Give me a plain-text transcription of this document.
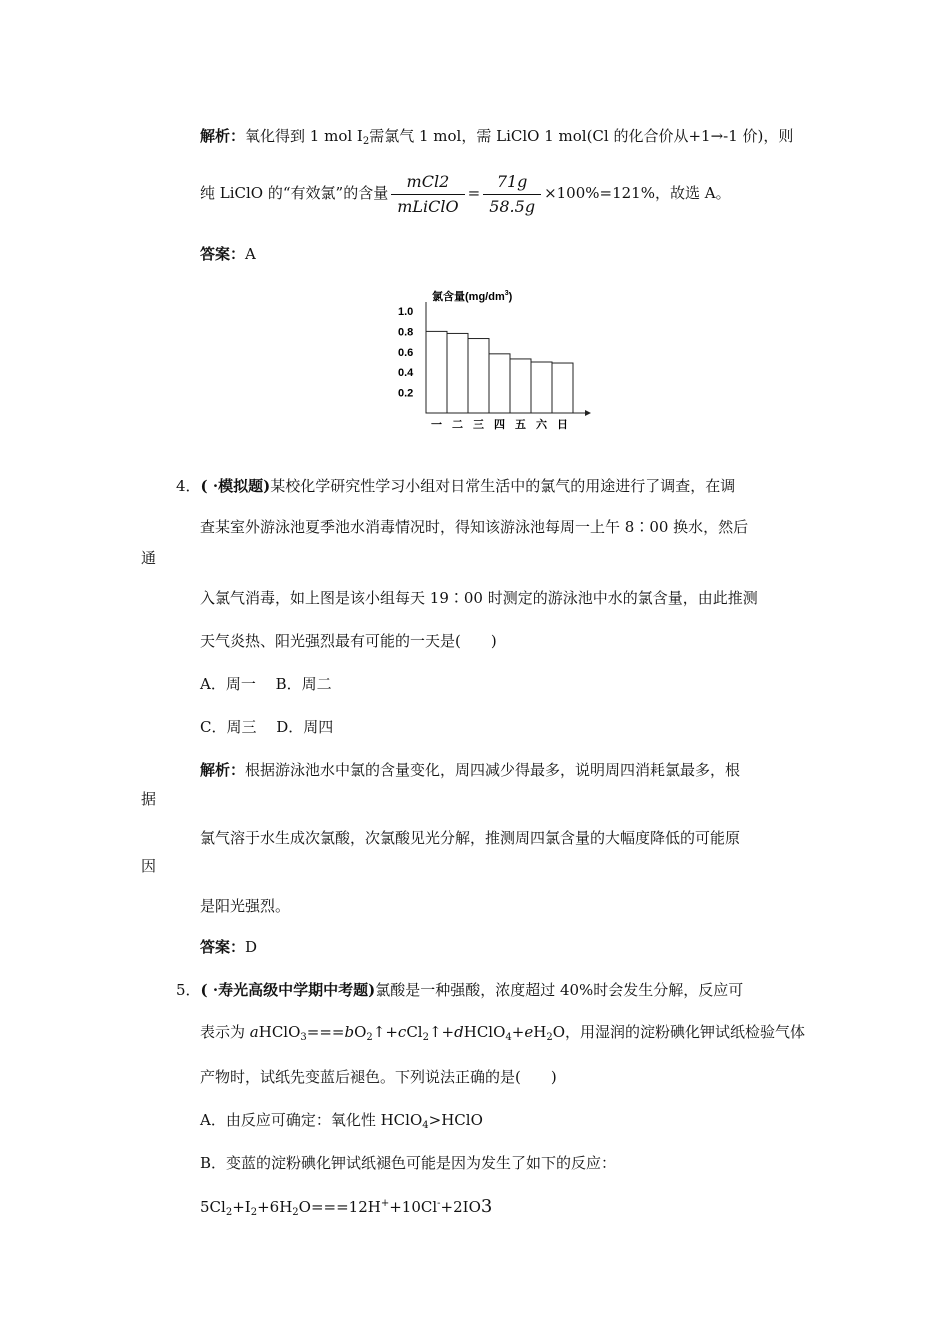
解析：氧化得到 1 mol $I_2$需氯气 1 mol，需 LiClO 1 mol(Cl 的化合价从+1→-1 价)，则
纯 LiClO 的“有效氯”的含量 $\frac{\text{mCl2}}{\text{mLiClO}} = \frac{71g}{58.5g} \times 100\%=121\%$，故选 A。
答案：A
氯含量$(mg/dm^3)$
1.0
0.8
0.6
0.4
0.2
一 二 三 四 五 六 日
4．( ·模拟题)某校化学研究性学习小组对日常生活中的氯气的用途进行了调查，在调
查某室外游泳池夏季池水消毒情况时，得知该游泳池每周一上午 8∶00 换水，然后
通
入氯气消毒，如上图是该小组每天 19∶00 时测定的游泳池中水的氯含量，由此推测
天气炎热、阳光强烈最有可能的一天是(　　)
A．周一　 B．周二
C．周三　 D．周四
解析：根据游泳池水中氯的含量变化，周四减少得最多，说明周四消耗氯最多，根
据
氯气溶于水生成次氯酸，次氯酸见光分解，推测周四氯含量的大幅度降低的可能原
因
是阳光强烈。
答案：D
5．( ·寿光高级中学期中考题)氯酸是一种强酸，浓度超过 40%时会发生分解，反应可
表示为 $aHClO_3===bO_2↑+cCl_2↑+dHClO_4+eH_2O$，用湿润的淀粉碘化钾试纸检验气体
产物时，试纸先变蓝后褪色。下列说法正确的是(　　)
A．由反应可确定：氧化性 HClO$_4$>HClO
B．变蓝的淀粉碘化钾试纸褪色可能是因为发生了如下的反应：
$5Cl_2+I_2+6H_2O===12H^++10Cl^-+2IO3$
